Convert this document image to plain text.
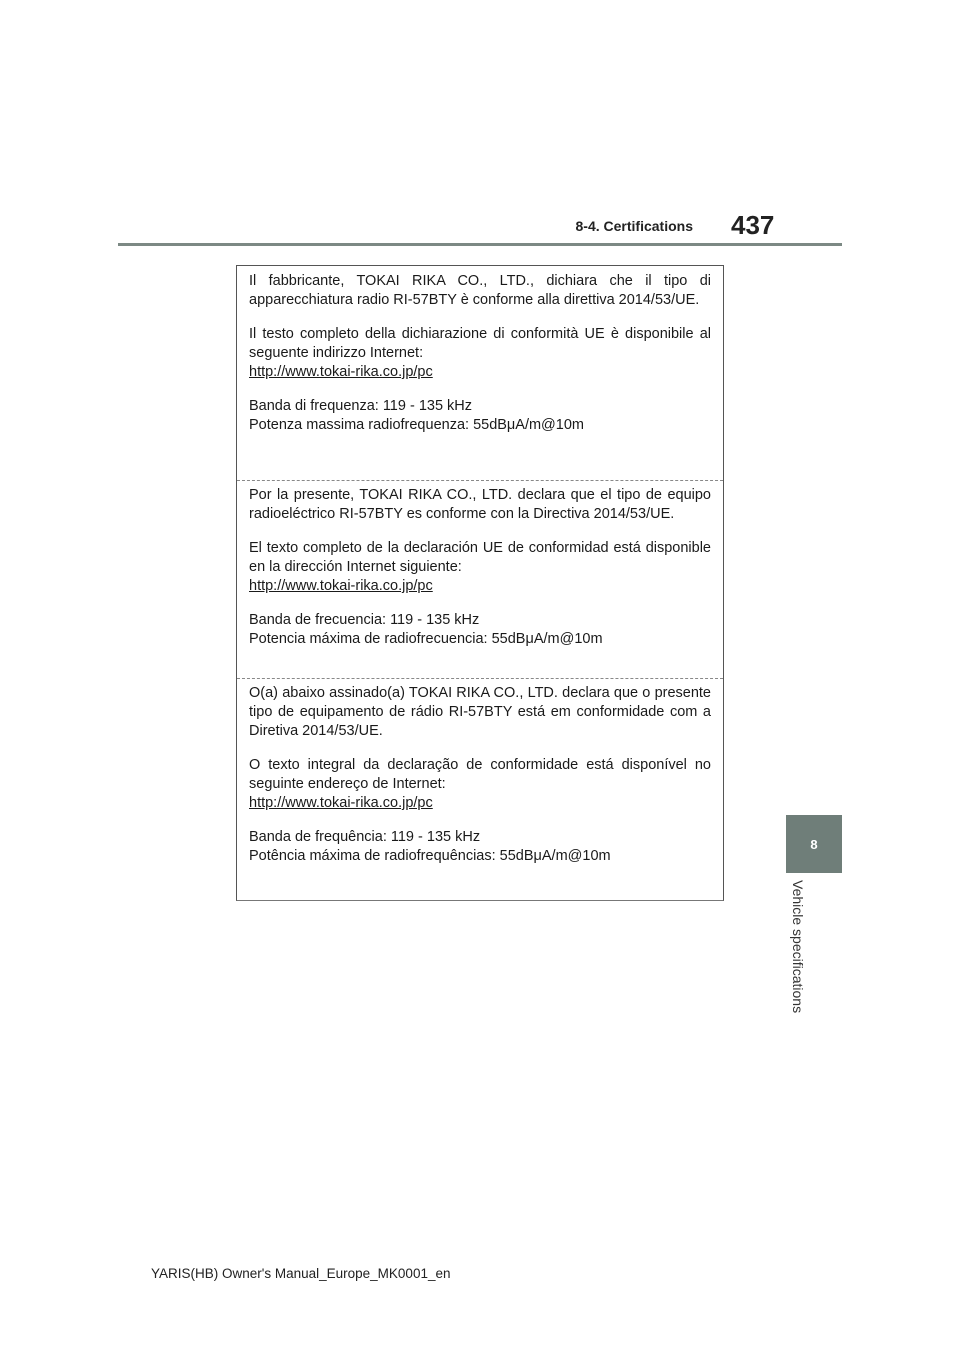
8-4. Certifications 437
8
Vehicle specifications

Il fabbricante, TOKAI RIKA CO., LTD., dichiara che il tipo di apparecchiatura radio RI-57BTY è conforme alla direttiva 2014/53/UE.

Il testo completo della dichiarazione di conformità UE è disponibile al seguente indirizzo Internet:

http://www.tokai-rika.co.jp/pc

Banda di frequenza: 119 - 135 kHz

Potenza massima radiofrequenza: 55dBμA/m@10m

Por la presente, TOKAI RIKA CO., LTD. declara que el tipo de equipo radioeléctrico RI-57BTY es conforme con la Directiva 2014/53/UE.

El texto completo de la declaración UE de conformidad está disponible en la dirección Internet siguiente:

http://www.tokai-rika.co.jp/pc

Banda de frecuencia: 119 - 135 kHz

Potencia máxima de radiofrecuencia: 55dBμA/m@10m

O(a) abaixo assinado(a) TOKAI RIKA CO., LTD. declara que o presente tipo de equipamento de rádio RI-57BTY está em conformidade com a Diretiva 2014/53/UE.

O texto integral da declaração de conformidade está disponível no seguinte endereço de Internet:

http://www.tokai-rika.co.jp/pc

Banda de frequência: 119 - 135 kHz

Potência máxima de radiofrequências: 55dBμA/m@10m

YARIS(HB) Owner's Manual_Europe_MK0001_en
